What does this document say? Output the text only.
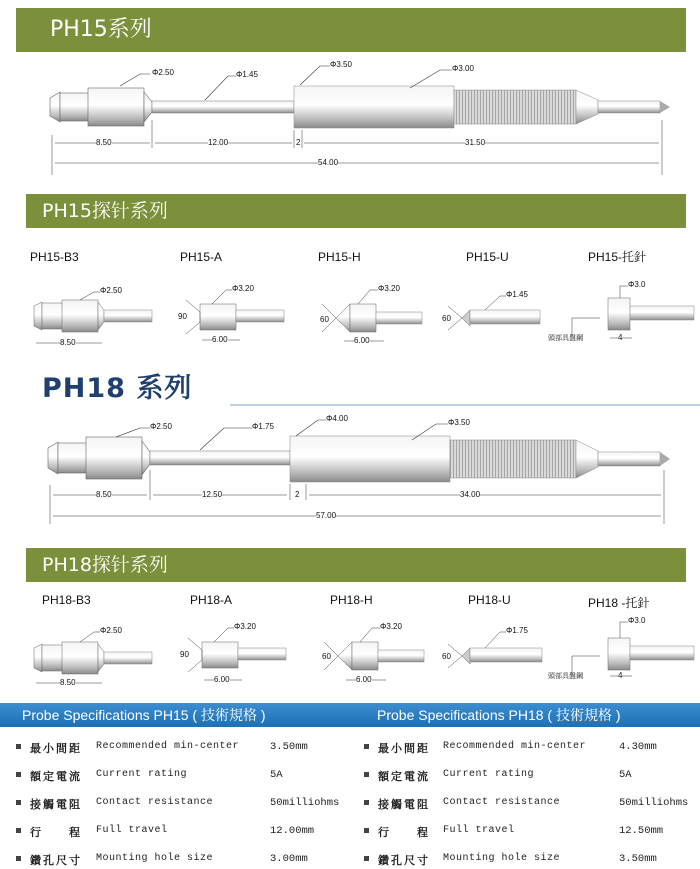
PH15系列
PH15探针系列
PH18 系列
PH18探针系列
Φ2.50	Φ1.45
Φ3.50	Φ3.00
8.50	12.00	2	31.50
54.00
PH15-B3	PH15-A	PH15-H	PH15-U	PH15-托針
Φ2.50
8.50
Φ3.20
90
6.00
Φ3.20
60
6.00
Φ1.45
60
Φ3.0
頭部具盤鋼	4
Φ2.50	Φ1.75
Φ4.00	Φ3.50
8.50	12.50	2	34.00
57.00
PH18-B3	PH18-A	PH18-H	PH18-U	PH18 -托針
Φ2.50
8.50
Φ3.20
90
6.00
Φ3.20
60
6.00
Φ1.75
60
Φ3.0
頭部具盤鋼	4
Probe Specifications PH15 ( 技術規格 )	Probe Specifications PH18 ( 技術規格 )
最小間距 Recommended min-center	3.50mm
額定電流 Current rating	5A
接觸電阻 Contact resistance	50milliohms
行　　程 Full travel	12.00mm
鑽孔尺寸 Mounting hole size	3.00mm
最小間距 Recommended min-center	4.30mm
額定電流 Current rating	5A
接觸電阻 Contact resistance	50milliohms
行　　程 Full travel	12.50mm
鑽孔尺寸 Mounting hole size	3.50mm
